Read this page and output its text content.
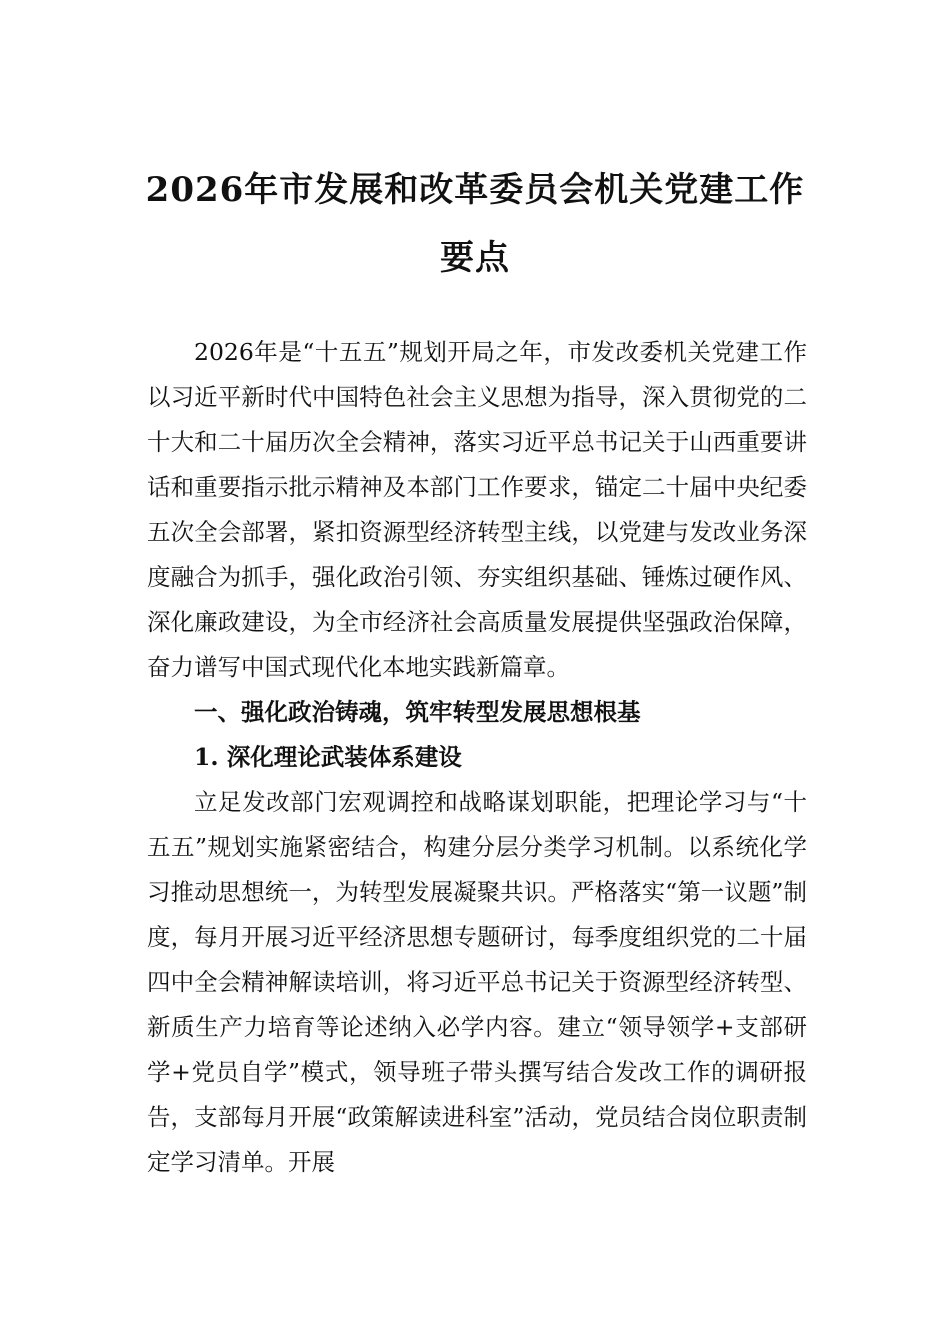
2026年市发展和改革委员会机关党建工作
要点

2026年是“十五五”规划开局之年，市发改委机关党建工作以习近平新时代中国特色社会主义思想为指导，深入贯彻党的二十大和二十届历次全会精神，落实习近平总书记关于山西重要讲话和重要指示批示精神及本部门工作要求，锚定二十届中央纪委五次全会部署，紧扣资源型经济转型主线，以党建与发改业务深度融合为抓手，强化政治引领、夯实组织基础、锤炼过硬作风、深化廉政建设，为全市经济社会高质量发展提供坚强政治保障，奋力谱写中国式现代化本地实践新篇章。

一、强化政治铸魂，筑牢转型发展思想根基

1. 深化理论武装体系建设

立足发改部门宏观调控和战略谋划职能，把理论学习与“十五五”规划实施紧密结合，构建分层分类学习机制。以系统化学习推动思想统一，为转型发展凝聚共识。严格落实“第一议题”制度，每月开展习近平经济思想专题研讨，每季度组织党的二十届四中全会精神解读培训，将习近平总书记关于资源型经济转型、新质生产力培育等论述纳入必学内容。建立“领导领学+支部研学+党员自学”模式，领导班子带头撰写结合发改工作的调研报告，支部每月开展“政策解读进科室”活动，党员结合岗位职责制定学习清单。开展
